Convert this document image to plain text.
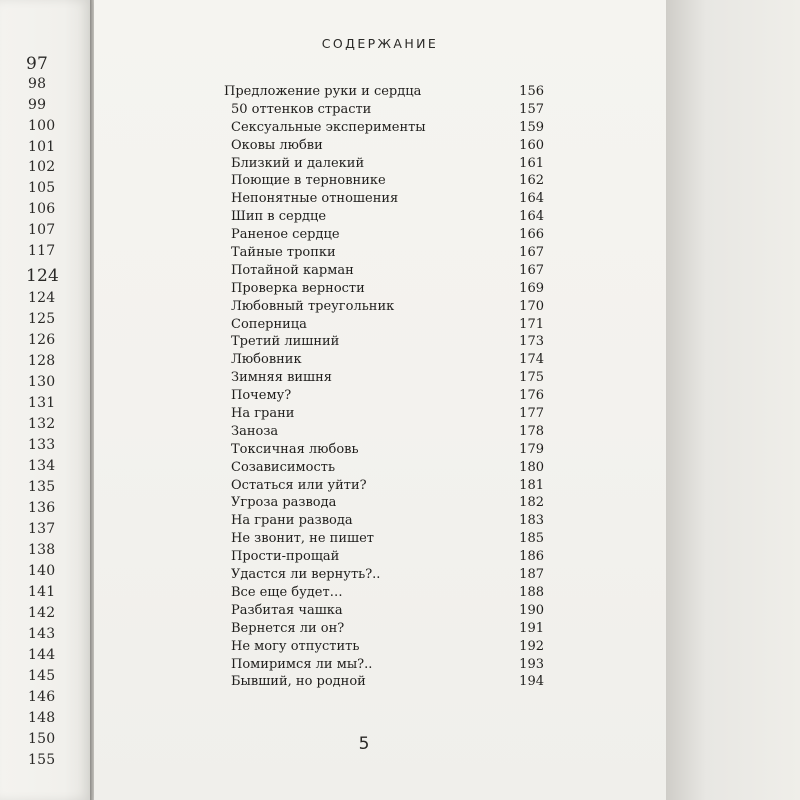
97
98
99
100
101
102
105
106
107
117
124
124
125
126
128
130
131
132
133
134
135
136
137
138
140
141
142
143
144
145
146
148
150
155
СОДЕРЖАНИЕ
Предложение руки и сердца	156
50 оттенков страсти	157
Сексуальные эксперименты	159
Оковы любви	160
Близкий и далекий	161
Поющие в терновнике	162
Непонятные отношения	164
Шип в сердце	164
Раненое сердце	166
Тайные тропки	167
Потайной карман	167
Проверка верности	169
Любовный треугольник	170
Соперница	171
Третий лишний	173
Любовник	174
Зимняя вишня	175
Почему?	176
На грани	177
Заноза	178
Токсичная любовь	179
Созависимость	180
Остаться или уйти?	181
Угроза развода	182
На грани развода	183
Не звонит, не пишет	185
Прости-прощай	186
Удастся ли вернуть?..	187
Все еще будет…	188
Разбитая чашка	190
Вернется ли он?	191
Не могу отпустить	192
Помиримся ли мы?..	193
Бывший, но родной	194
5
